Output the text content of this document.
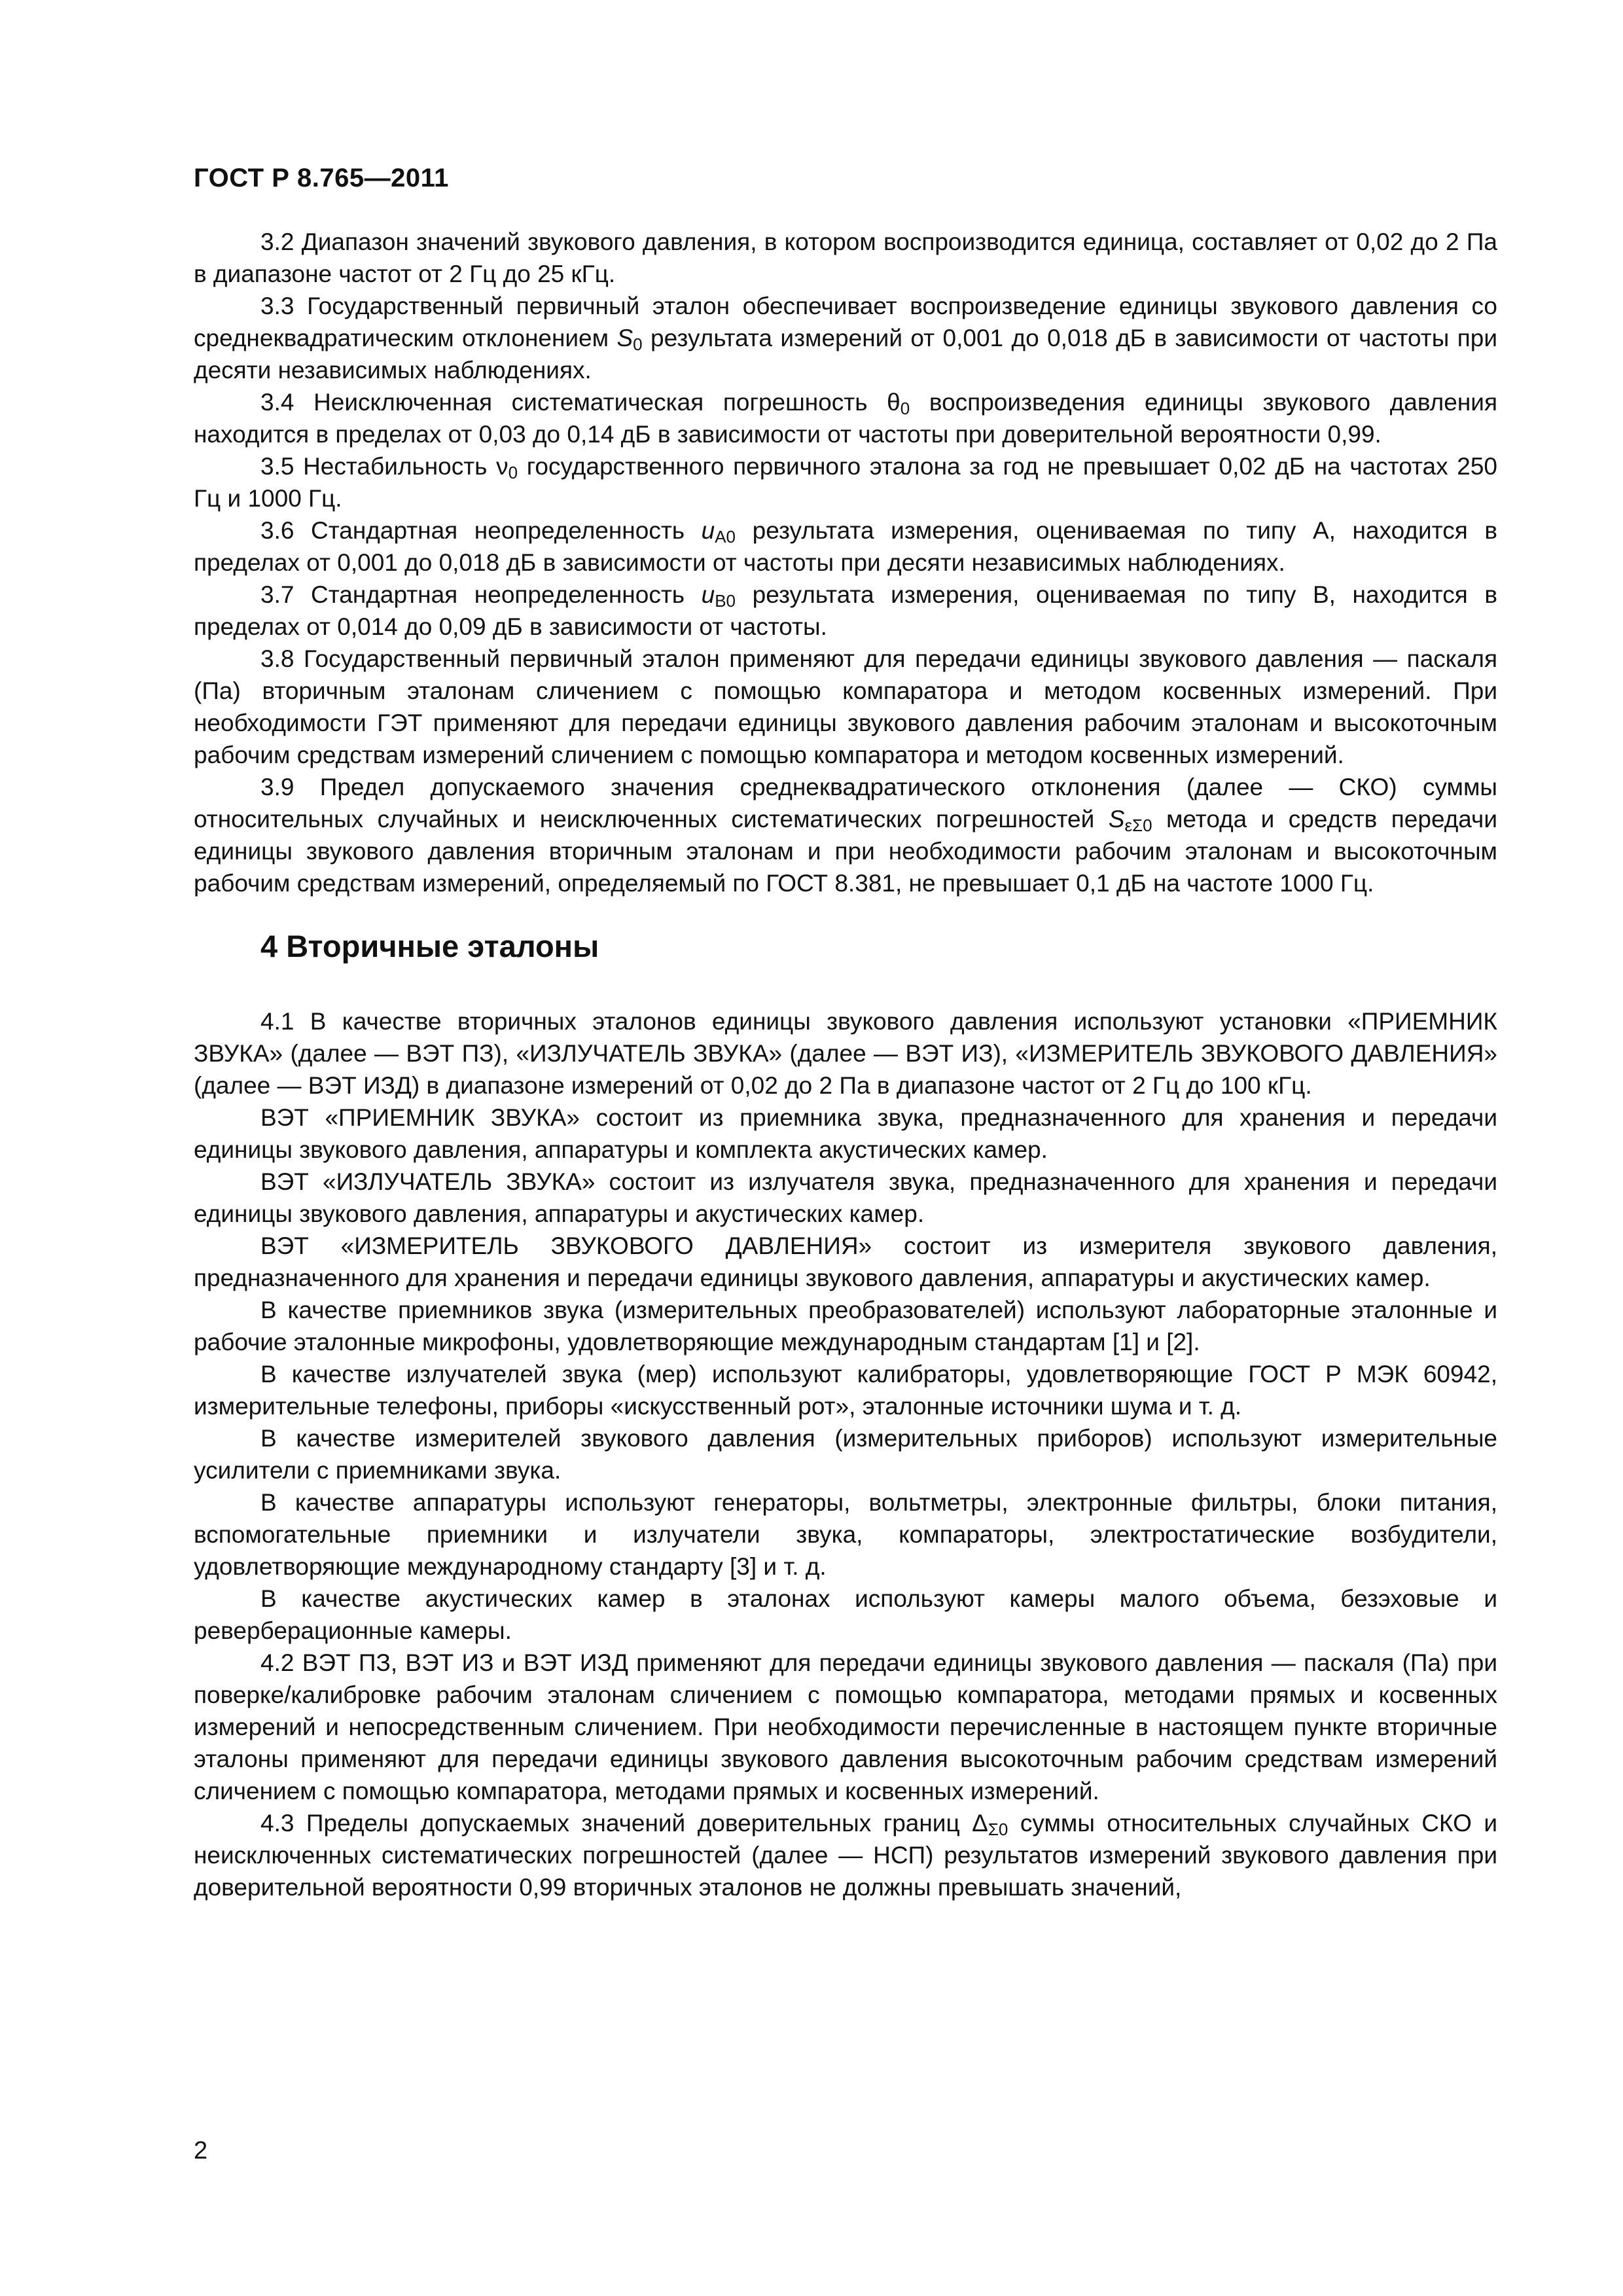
ГОСТ Р 8.765—2011

3.2 Диапазон значений звукового давления, в котором воспроизводится единица, составляет от 0,02 до 2 Па в диапазоне частот от 2 Гц до 25 кГц.

3.3 Государственный первичный эталон обеспечивает воспроизведение единицы звукового давления со среднеквадратическим отклонением $S_0$ результата измерений от 0,001 до 0,018 дБ в зависимости от частоты при десяти независимых наблюдениях.

3.4 Неисключенная систематическая погрешность $\theta_0$ воспроизведения единицы звукового давления находится в пределах от 0,03 до 0,14 дБ в зависимости от частоты при доверительной вероятности 0,99.

3.5 Нестабильность $\nu_0$ государственного первичного эталона за год не превышает 0,02 дБ на частотах 250 Гц и 1000 Гц.

3.6 Стандартная неопределенность $u_{A0}$ результата измерения, оцениваемая по типу А, находится в пределах от 0,001 до 0,018 дБ в зависимости от частоты при десяти независимых наблюдениях.

3.7 Стандартная неопределенность $u_{B0}$ результата измерения, оцениваемая по типу В, находится в пределах от 0,014 до 0,09 дБ в зависимости от частоты.

3.8 Государственный первичный эталон применяют для передачи единицы звукового давления — паскаля (Па) вторичным эталонам сличением с помощью компаратора и методом косвенных измерений. При необходимости ГЭТ применяют для передачи единицы звукового давления рабочим эталонам и высокоточным рабочим средствам измерений сличением с помощью компаратора и методом косвенных измерений.

3.9 Предел допускаемого значения среднеквадратического отклонения (далее — СКО) суммы относительных случайных и неисключенных систематических погрешностей $S_{\varepsilon\Sigma 0}$ метода и средств передачи единицы звукового давления вторичным эталонам и при необходимости рабочим эталонам и высокоточным рабочим средствам измерений, определяемый по ГОСТ 8.381, не превышает 0,1 дБ на частоте 1000 Гц.

4 Вторичные эталоны

4.1 В качестве вторичных эталонов единицы звукового давления используют установки «ПРИЕМНИК ЗВУКА» (далее — ВЭТ ПЗ), «ИЗЛУЧАТЕЛЬ ЗВУКА» (далее — ВЭТ ИЗ), «ИЗМЕРИТЕЛЬ ЗВУКОВОГО ДАВЛЕНИЯ» (далее — ВЭТ ИЗД) в диапазоне измерений от 0,02 до 2 Па в диапазоне частот от 2 Гц до 100 кГц.

ВЭТ «ПРИЕМНИК ЗВУКА» состоит из приемника звука, предназначенного для хранения и передачи единицы звукового давления, аппаратуры и комплекта акустических камер.

ВЭТ «ИЗЛУЧАТЕЛЬ ЗВУКА» состоит из излучателя звука, предназначенного для хранения и передачи единицы звукового давления, аппаратуры и акустических камер.

ВЭТ «ИЗМЕРИТЕЛЬ ЗВУКОВОГО ДАВЛЕНИЯ» состоит из измерителя звукового давления, предназначенного для хранения и передачи единицы звукового давления, аппаратуры и акустических камер.

В качестве приемников звука (измерительных преобразователей) используют лабораторные эталонные и рабочие эталонные микрофоны, удовлетворяющие международным стандартам [1] и [2].

В качестве излучателей звука (мер) используют калибраторы, удовлетворяющие ГОСТ Р МЭК 60942, измерительные телефоны, приборы «искусственный рот», эталонные источники шума и т. д.

В качестве измерителей звукового давления (измерительных приборов) используют измерительные усилители с приемниками звука.

В качестве аппаратуры используют генераторы, вольтметры, электронные фильтры, блоки питания, вспомогательные приемники и излучатели звука, компараторы, электростатические возбудители, удовлетворяющие международному стандарту [3] и т. д.

В качестве акустических камер в эталонах используют камеры малого объема, безэховые и реверберационные камеры.

4.2 ВЭТ ПЗ, ВЭТ ИЗ и ВЭТ ИЗД применяют для передачи единицы звукового давления — паскаля (Па) при поверке/калибровке рабочим эталонам сличением с помощью компаратора, методами прямых и косвенных измерений и непосредственным сличением. При необходимости перечисленные в настоящем пункте вторичные эталоны применяют для передачи единицы звукового давления высокоточным рабочим средствам измерений сличением с помощью компаратора, методами прямых и косвенных измерений.

4.3 Пределы допускаемых значений доверительных границ $\Delta_{\Sigma 0}$ суммы относительных случайных СКО и неисключенных систематических погрешностей (далее — НСП) результатов измерений звукового давления при доверительной вероятности 0,99 вторичных эталонов не должны превышать значений,

2
